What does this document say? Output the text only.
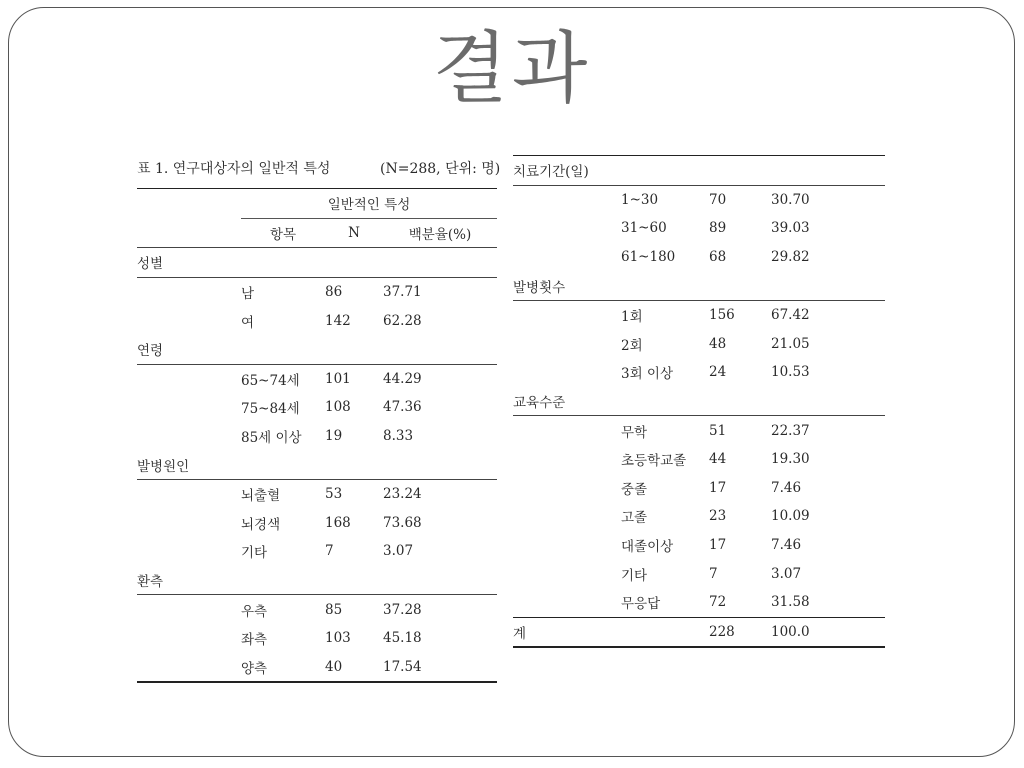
결과
표 1. 연구대상자의 일반적 특성	(N=288, 단위: 명)
	일반적인 특성		
	항목	N	백분율(%)
성별			
	남	86	37.71
	여	142	62.28
연령			
	65~74세	101	44.29
	75~84세	108	47.36
	85세 이상	19	8.33
발병원인			
	뇌출혈	53	23.24
	뇌경색	168	73.68
	기타	7	3.07
환측			
	우측	85	37.28
	좌측	103	45.18
	양측	40	17.54
치료기간(일)			
	1~30	70	30.70
	31~60	89	39.03
	61~180	68	29.82
발병횟수			
	1회	156	67.42
	2회	48	21.05
	3회 이상	24	10.53
교육수준			
	무학	51	22.37
	초등학교졸	44	19.30
	중졸	17	7.46
	고졸	23	10.09
	대졸이상	17	7.46
	기타	7	3.07
	무응답	72	31.58
계		228	100.0
